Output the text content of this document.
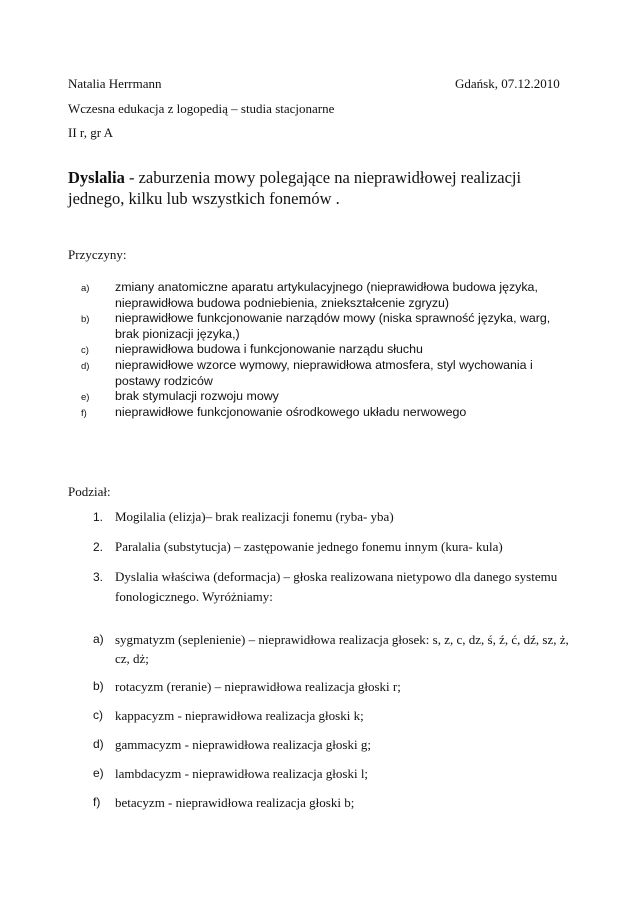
Natalia Herrmann	Gdańsk, 07.12.2010
Wczesna edukacja z logopedią – studia stacjonarne
II r, gr A
Dyslalia - zaburzenia mowy polegające na nieprawidłowej realizacji jednego, kilku lub wszystkich fonemów .
Przyczyny:
a) zmiany anatomiczne aparatu artykulacyjnego (nieprawidłowa budowa języka, nieprawidłowa budowa podniebienia, zniekształcenie zgryzu)
b) nieprawidłowe funkcjonowanie narządów mowy (niska sprawność języka, warg, brak pionizacji języka,)
c) nieprawidłowa budowa i funkcjonowanie narządu słuchu
d) nieprawidłowe wzorce wymowy, nieprawidłowa atmosfera, styl wychowania i postawy rodziców
e) brak stymulacji rozwoju mowy
f) nieprawidłowe funkcjonowanie ośrodkowego układu nerwowego
Podział:
1. Mogilalia (elizja)– brak realizacji fonemu (ryba- yba)
2. Paralalia (substytucja) – zastępowanie jednego fonemu innym (kura- kula)
3. Dyslalia właściwa (deformacja) – głoska realizowana nietypowo dla danego systemu fonologicznego. Wyróżniamy:
a) sygmatyzm (seplenienie) – nieprawidłowa realizacja głosek: s, z, c, dz, ś, ź, ć, dź, sz, ż, cz, dż;
b) rotacyzm (reranie) – nieprawidłowa realizacja głoski r;
c) kappacyzm - nieprawidłowa realizacja głoski k;
d) gammacyzm - nieprawidłowa realizacja głoski g;
e) lambdacyzm - nieprawidłowa realizacja głoski l;
f) betacyzm - nieprawidłowa realizacja głoski b;
